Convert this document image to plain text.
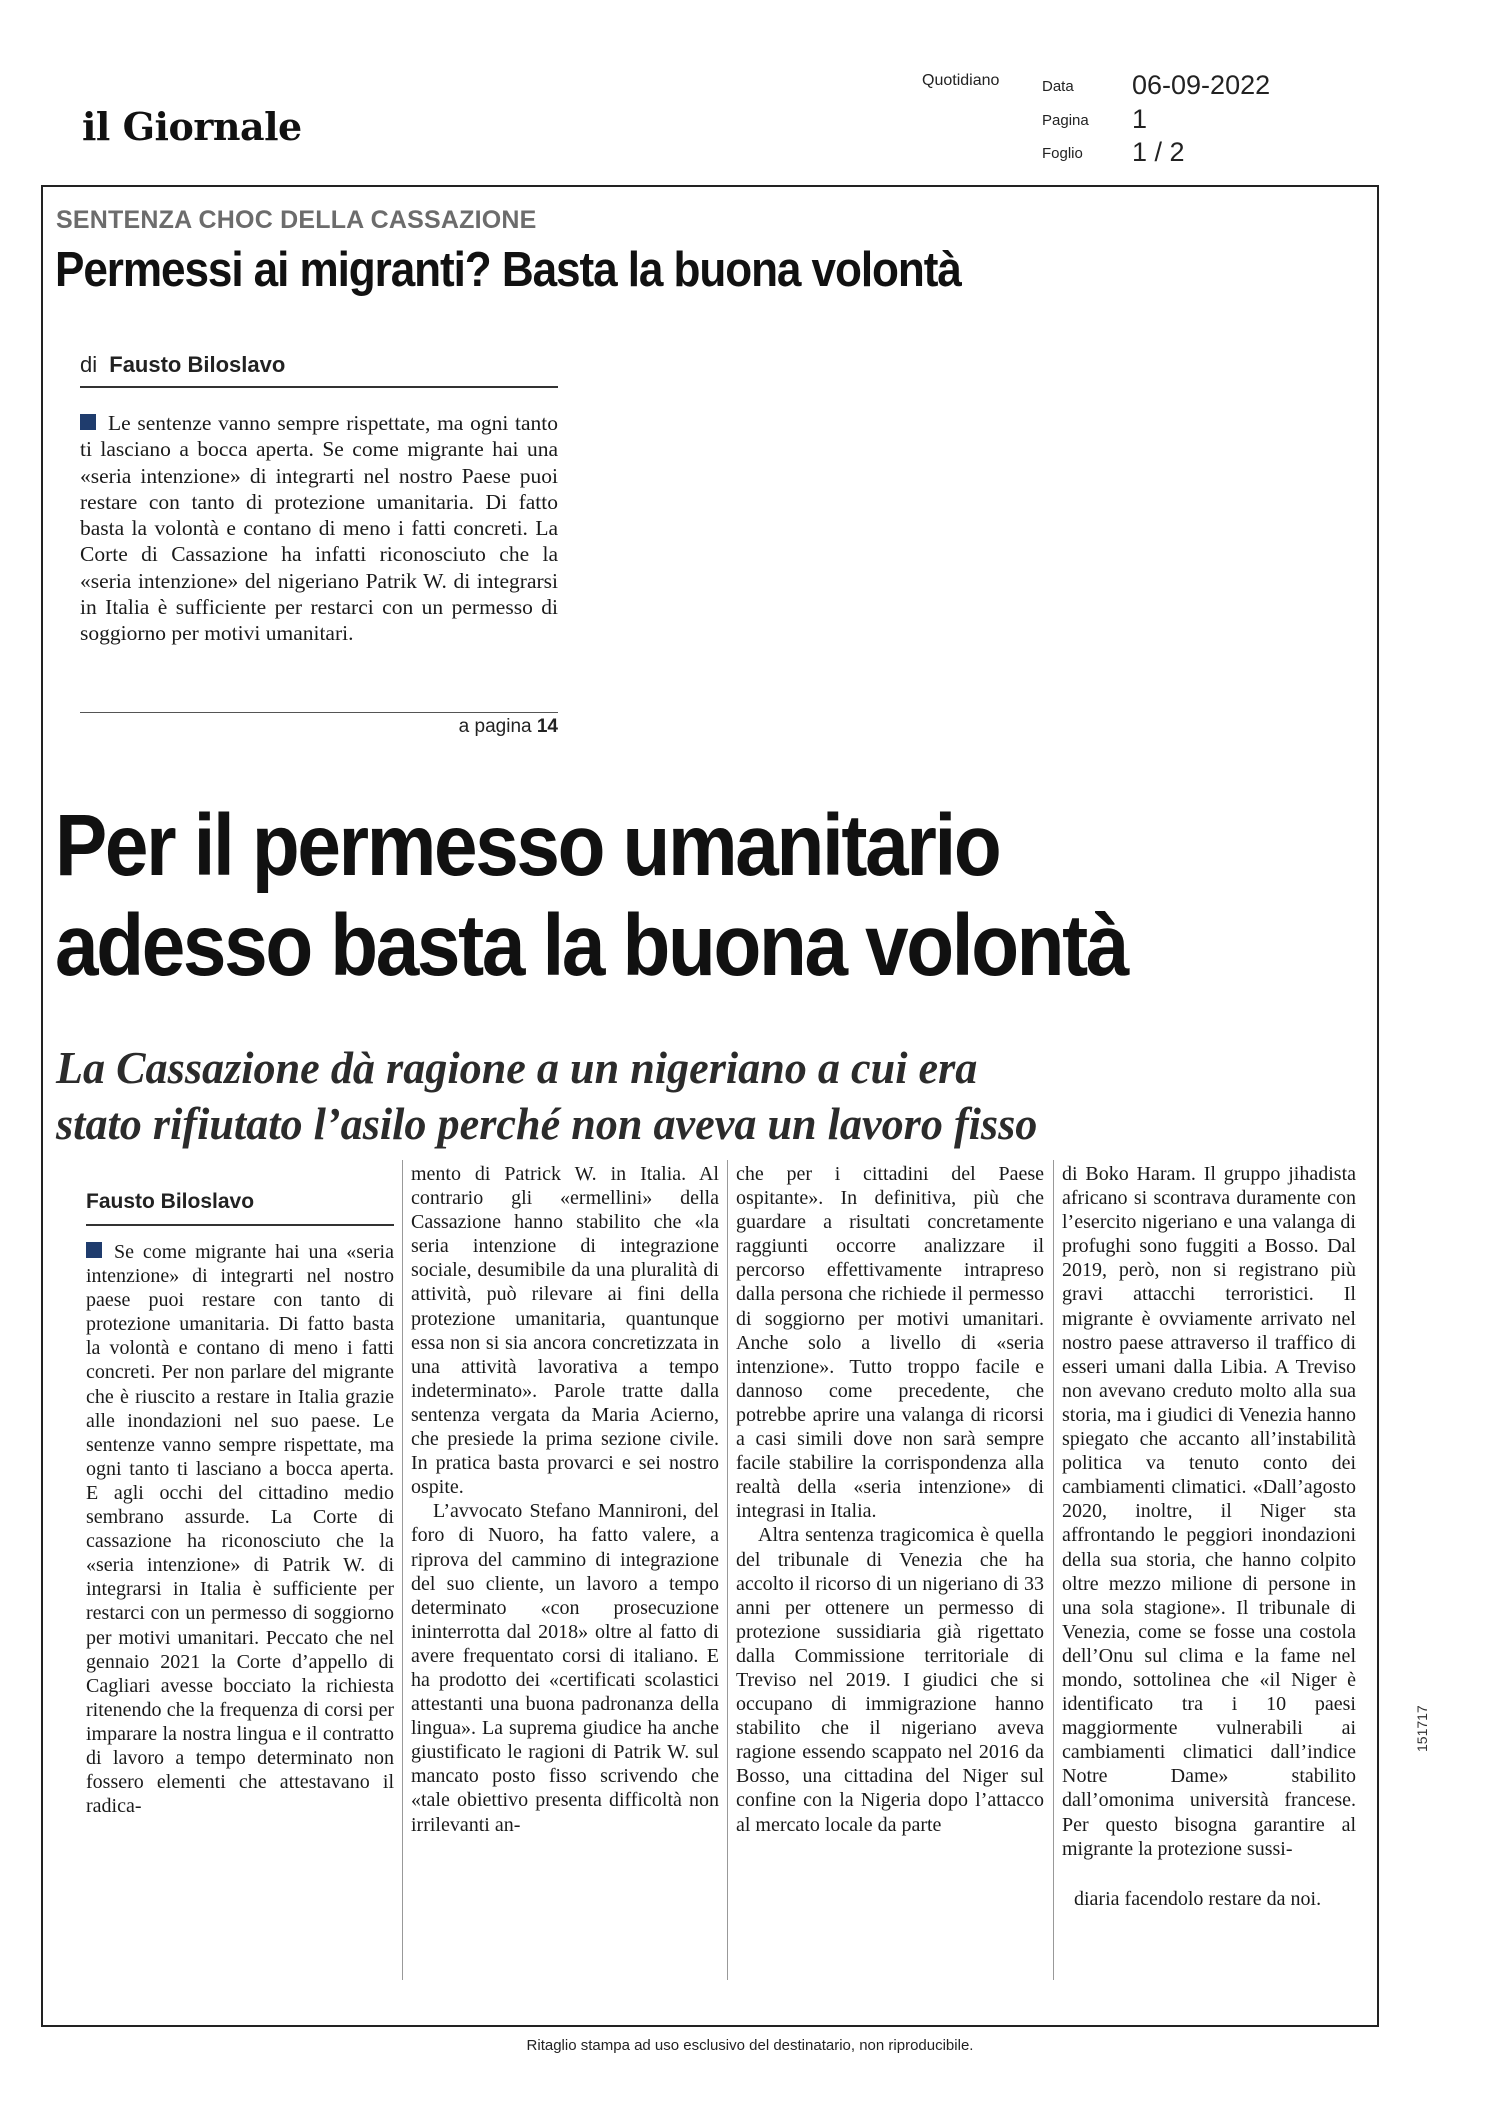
il Giornale
Quotidiano	Data 06-09-2022
Pagina 1
Foglio 1 / 2
SENTENZA CHOC DELLA CASSAZIONE
Permessi ai migranti? Basta la buona volontà
di Fausto Biloslavo

Le sentenze vanno sempre rispettate, ma ogni tanto ti lasciano a bocca aperta. Se come migrante hai una «seria intenzione» di integrarti nel nostro Paese puoi restare con tanto di protezione umanitaria. Di fatto basta la volontà e contano di meno i fatti concreti. La Corte di Cassazione ha infatti riconosciuto che la «seria intenzione» del nigeriano Patrik W. di integrarsi in Italia è sufficiente per restarci con un permesso di soggiorno per motivi umanitari.

a pagina 14
Per il permesso umanitario
adesso basta la buona volontà
La Cassazione dà ragione a un nigeriano a cui era
stato rifiutato l’asilo perché non aveva un lavoro fisso
Fausto Biloslavo

Se come migrante hai una «seria intenzione» di integrarti nel nostro paese puoi restare con tanto di protezione umanitaria. Di fatto basta la volontà e contano di meno i fatti concreti. Per non parlare del migrante che è riuscito a restare in Italia grazie alle inondazioni nel suo paese. Le sentenze vanno sempre rispettate, ma ogni tanto ti lasciano a bocca aperta. E agli occhi del cittadino medio sembrano assurde. La Corte di cassazione ha riconosciuto che la «seria intenzione» di Patrik W. di integrarsi in Italia è sufficiente per restarci con un permesso di soggiorno per motivi umanitari. Peccato che nel gennaio 2021 la Corte d’appello di Cagliari avesse bocciato la richiesta ritenendo che la frequenza di corsi per imparare la nostra lingua e il contratto di lavoro a tempo determinato non fossero elementi che attestavano il radica-

mento di Patrick W. in Italia. Al contrario gli «ermellini» della Cassazione hanno stabilito che «la seria intenzione di integrazione sociale, desumibile da una pluralità di attività, può rilevare ai fini della protezione umanitaria, quantunque essa non si sia ancora concretizzata in una attività lavorativa a tempo indeterminato». Parole tratte dalla sentenza vergata da Maria Acierno, che presiede la prima sezione civile. In pratica basta provarci e sei nostro ospite.

L’avvocato Stefano Mannironi, del foro di Nuoro, ha fatto valere, a riprova del cammino di integrazione del suo cliente, un lavoro a tempo determinato «con prosecuzione ininterrotta dal 2018» oltre al fatto di avere frequentato corsi di italiano. E ha prodotto dei «certificati scolastici attestanti una buona padronanza della lingua». La suprema giudice ha anche giustificato le ragioni di Patrik W. sul mancato posto fisso scrivendo che «tale obiettivo presenta difficoltà non irrilevanti an-

che per i cittadini del Paese ospitante». In definitiva, più che guardare a risultati concretamente raggiunti occorre analizzare il percorso effettivamente intrapreso dalla persona che richiede il permesso di soggiorno per motivi umanitari. Anche solo a livello di «seria intenzione». Tutto troppo facile e dannoso come precedente, che potrebbe aprire una valanga di ricorsi a casi simili dove non sarà sempre facile stabilire la corrispondenza alla realtà della «seria intenzione» di integrasi in Italia.

Altra sentenza tragicomica è quella del tribunale di Venezia che ha accolto il ricorso di un nigeriano di 33 anni per ottenere un permesso di protezione sussidiaria già rigettato dalla Commissione territoriale di Treviso nel 2019. I giudici che si occupano di immigrazione hanno stabilito che il nigeriano aveva ragione essendo scappato nel 2016 da Bosso, una cittadina del Niger sul confine con la Nigeria dopo l’attacco al mercato locale da parte

di Boko Haram. Il gruppo jihadista africano si scontrava duramente con l’esercito nigeriano e una valanga di profughi sono fuggiti a Bosso. Dal 2019, però, non si registrano più gravi attacchi terroristici. Il migrante è ovviamente arrivato nel nostro paese attraverso il traffico di esseri umani dalla Libia. A Treviso non avevano creduto molto alla sua storia, ma i giudici di Venezia hanno spiegato che accanto all’instabilità politica va tenuto conto dei cambiamenti climatici. «Dall’agosto 2020, inoltre, il Niger sta affrontando le peggiori inondazioni della sua storia, che hanno colpito oltre mezzo milione di persone in una sola stagione». Il tribunale di Venezia, come se fosse una costola dell’Onu sul clima e la fame nel mondo, sottolinea che «il Niger è identificato tra i 10 paesi maggiormente vulnerabili ai cambiamenti climatici dall’indice Notre Dame» stabilito dall’omonima università francese. Per questo bisogna garantire al migrante la protezione sussi-

diaria facendolo restare da noi.

151717
Ritaglio stampa ad uso esclusivo del destinatario, non riproducibile.
